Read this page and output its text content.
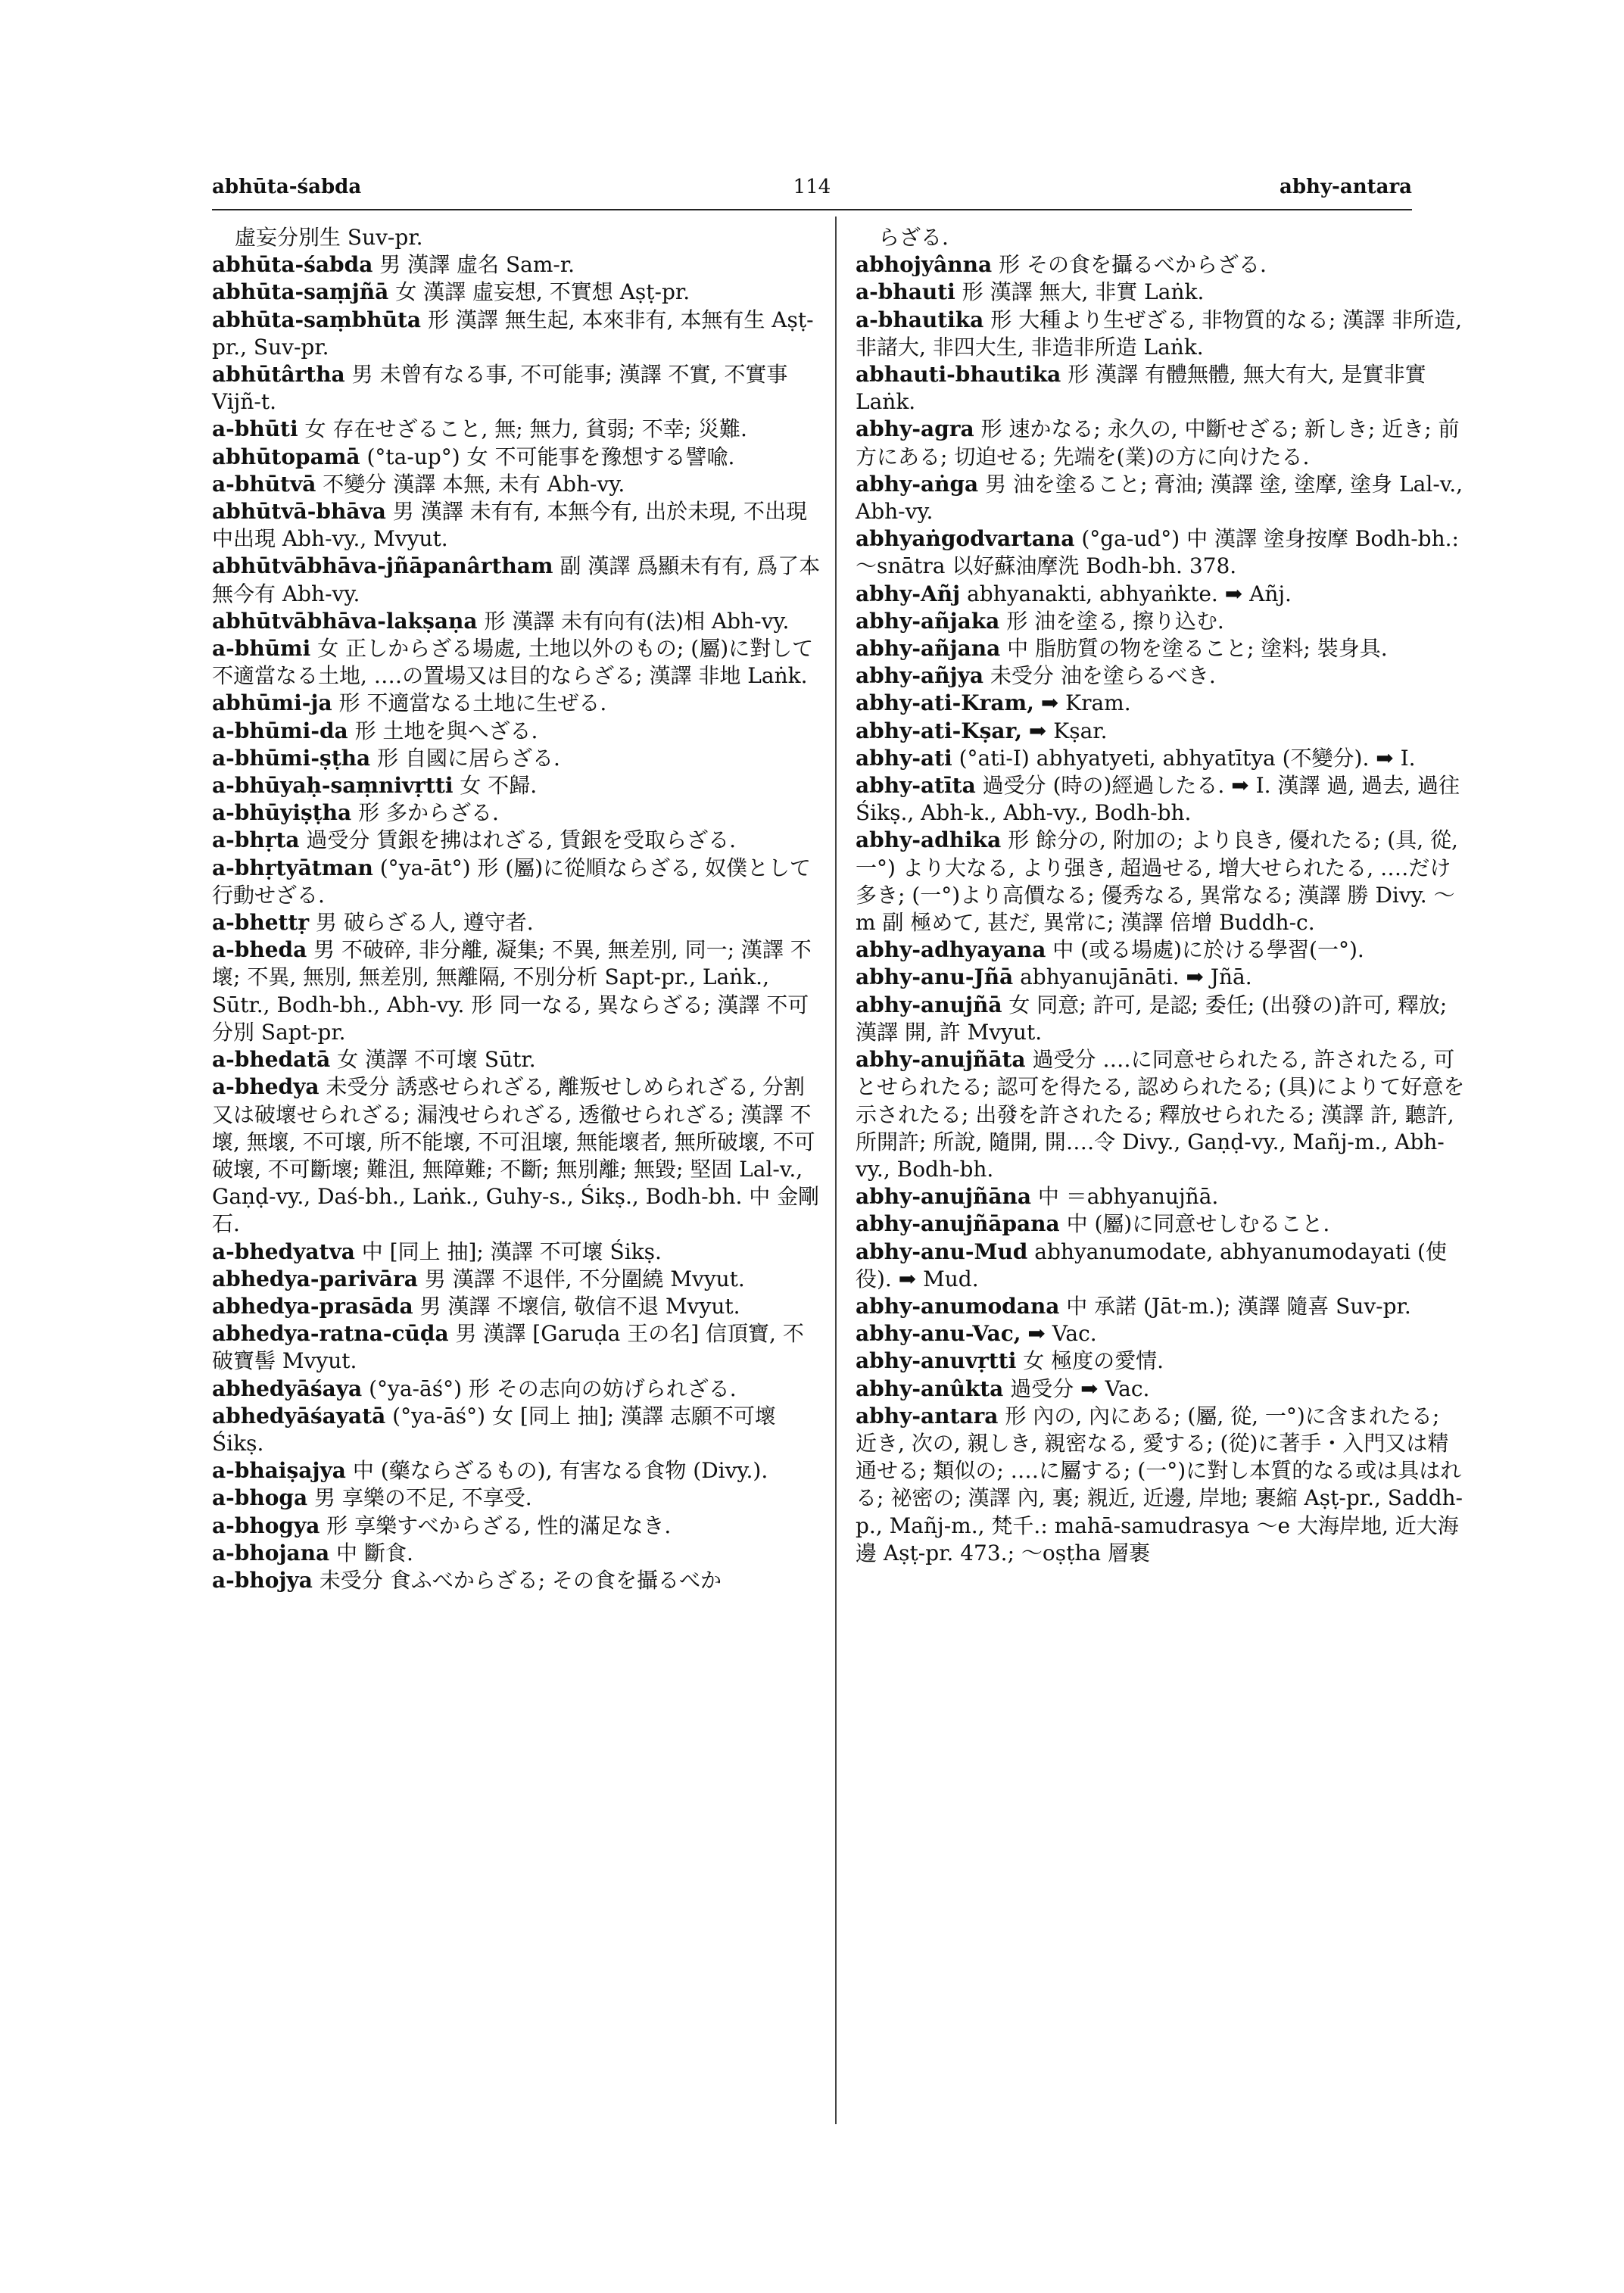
abhūta-śabda	114	abhy-antara
虛妄分別生 Suv-pr.
abhūta-śabda 男 漢譯 虛名 Sam-r.
abhūta-saṃjñā 女 漢譯 虛妄想, 不實想 Aṣṭ-pr.
abhūta-saṃbhūta 形 漢譯 無生起, 本來非有, 本無有生 Aṣṭ-pr., Suv-pr.
abhūtârtha 男 未曾有なる事, 不可能事; 漢譯 不實, 不實事 Vijñ-t.
a-bhūti 女 存在せざること, 無; 無力, 貧弱; 不幸; 災難.
abhūtopamā (°ta-up°) 女 不可能事を豫想する譬喩.
a-bhūtvā 不變分 漢譯 本無, 未有 Abh-vy.
abhūtvā-bhāva 男 漢譯 未有有, 本無今有, 出於未現, 不出現中出現 Abh-vy., Mvyut.
abhūtvābhāva-jñāpanârtham 副 漢譯 爲顯未有有, 爲了本無今有 Abh-vy.
abhūtvābhāva-lakṣaṇa 形 漢譯 未有向有(法)相 Abh-vy.
a-bhūmi 女 正しからざる場處, 土地以外のもの; (屬)に對して不適當なる土地, ‥‥の置場又は目的ならざる; 漢譯 非地 Laṅk.
abhūmi-ja 形 不適當なる土地に生ぜる.
a-bhūmi-da 形 土地を與へざる.
a-bhūmi-ṣṭha 形 自國に居らざる.
a-bhūyaḥ-saṃnivṛtti 女 不歸.
a-bhūyiṣṭha 形 多からざる.
a-bhṛta 過受分 賃銀を拂はれざる, 賃銀を受取らざる.
a-bhṛtyātman (°ya-āt°) 形 (屬)に從順ならざる, 奴僕として行動せざる.
a-bhettṛ 男 破らざる人, 遵守者.
a-bheda 男 不破碎, 非分離, 凝集; 不異, 無差別, 同一; 漢譯 不壞; 不異, 無別, 無差別, 無離隔, 不別分析 Sapt-pr., Laṅk., Sūtr., Bodh-bh., Abh-vy. 形 同一なる, 異ならざる; 漢譯 不可分別 Sapt-pr.
a-bhedatā 女 漢譯 不可壞 Sūtr.
a-bhedya 未受分 誘惑せられざる, 離叛せしめられざる, 分割又は破壞せられざる; 漏洩せられざる, 透徹せられざる; 漢譯 不壞, 無壞, 不可壞, 所不能壞, 不可沮壞, 無能壞者, 無所破壞, 不可破壞, 不可斷壞; 難沮, 無障難; 不斷; 無別離; 無毀; 堅固 Lal-v., Gaṇḍ-vy., Daś-bh., Laṅk., Guhy-s., Śikṣ., Bodh-bh. 中 金剛石.
a-bhedyatva 中 [同上 抽]; 漢譯 不可壞 Śikṣ.
abhedya-parivāra 男 漢譯 不退伴, 不分圍繞 Mvyut.
abhedya-prasāda 男 漢譯 不壞信, 敬信不退 Mvyut.
abhedya-ratna-cūḍa 男 漢譯 [Garuḍa 王の名] 信頂寶, 不破寶髻 Mvyut.
abhedyāśaya (°ya-āś°) 形 その志向の妨げられざる.
abhedyāśayatā (°ya-āś°) 女 [同上 抽]; 漢譯 志願不可壞 Śikṣ.
a-bhaiṣajya 中 (藥ならざるもの), 有害なる食物 (Divy.).
a-bhoga 男 享樂の不足, 不享受.
a-bhogya 形 享樂すべからざる, 性的滿足なき.
a-bhojana 中 斷食.
a-bhojya 未受分 食ふべからざる; その食を攝るべか
らざる.
abhojyânna 形 その食を攝るべからざる.
a-bhauti 形 漢譯 無大, 非實 Laṅk.
a-bhautika 形 大種より生ぜざる, 非物質的なる; 漢譯 非所造, 非諸大, 非四大生, 非造非所造 Laṅk.
abhauti-bhautika 形 漢譯 有體無體, 無大有大, 是實非實 Laṅk.
abhy-agra 形 速かなる; 永久の, 中斷せざる; 新しき; 近き; 前方にある; 切迫せる; 先端を(業)の方に向けたる.
abhy-aṅga 男 油を塗ること; 膏油; 漢譯 塗, 塗摩, 塗身 Lal-v., Abh-vy.
abhyaṅgodvartana (°ga-ud°) 中 漢譯 塗身按摩 Bodh-bh.: ～snātra 以好蘇油摩洗 Bodh-bh. 378.
abhy-Añj abhyanakti, abhyaṅkte. ➡ Añj.
abhy-añjaka 形 油を塗る, 擦り込む.
abhy-añjana 中 脂肪質の物を塗ること; 塗料; 裝身具.
abhy-añjya 未受分 油を塗らるべき.
abhy-ati-Kram, ➡ Kram.
abhy-ati-Kṣar, ➡ Kṣar.
abhy-ati (°ati-I) abhyatyeti, abhyatītya (不變分). ➡ I.
abhy-atīta 過受分 (時の)經過したる. ➡ I. 漢譯 過, 過去, 過往 Śikṣ., Abh-k., Abh-vy., Bodh-bh.
abhy-adhika 形 餘分の, 附加の; より良き, 優れたる; (具, 從, 一°) より大なる, より强き, 超過せる, 增大せられたる, ‥‥だけ多き; (一°)より高價なる; 優秀なる, 異常なる; 漢譯 勝 Divy. ～m 副 極めて, 甚だ, 異常に; 漢譯 倍增 Buddh-c.
abhy-adhyayana 中 (或る場處)に於ける學習(一°).
abhy-anu-Jñā abhyanujānāti. ➡ Jñā.
abhy-anujñā 女 同意; 許可, 是認; 委任; (出發の)許可, 釋放; 漢譯 開, 許 Mvyut.
abhy-anujñāta 過受分 ‥‥に同意せられたる, 許されたる, 可とせられたる; 認可を得たる, 認められたる; (具)によりて好意を示されたる; 出發を許されたる; 釋放せられたる; 漢譯 許, 聽許, 所開許; 所說, 隨開, 開‥‥令 Divy., Gaṇḍ-vy., Mañj-m., Abh-vy., Bodh-bh.
abhy-anujñāna 中 ＝abhyanujñā.
abhy-anujñāpana 中 (屬)に同意せしむること.
abhy-anu-Mud abhyanumodate, abhyanumodayati (使役). ➡ Mud.
abhy-anumodana 中 承諾 (Jāt-m.); 漢譯 隨喜 Suv-pr.
abhy-anu-Vac, ➡ Vac.
abhy-anuvṛtti 女 極度の愛情.
abhy-anûkta 過受分 ➡ Vac.
abhy-antara 形 內の, 內にある; (屬, 從, 一°)に含まれたる; 近き, 次の, 親しき, 親密なる, 愛する; (從)に著手・入門又は精通せる; 類似の; ‥‥に屬する; (一°)に對し本質的なる或は具はれる; 祕密の; 漢譯 內, 裏; 親近, 近邊, 岸地; 裹縮 Aṣṭ-pr., Saddh-p., Mañj-m., 梵千.: mahā-samudrasya ～e 大海岸地, 近大海邊 Aṣṭ-pr. 473.; ～oṣṭha 層裹
